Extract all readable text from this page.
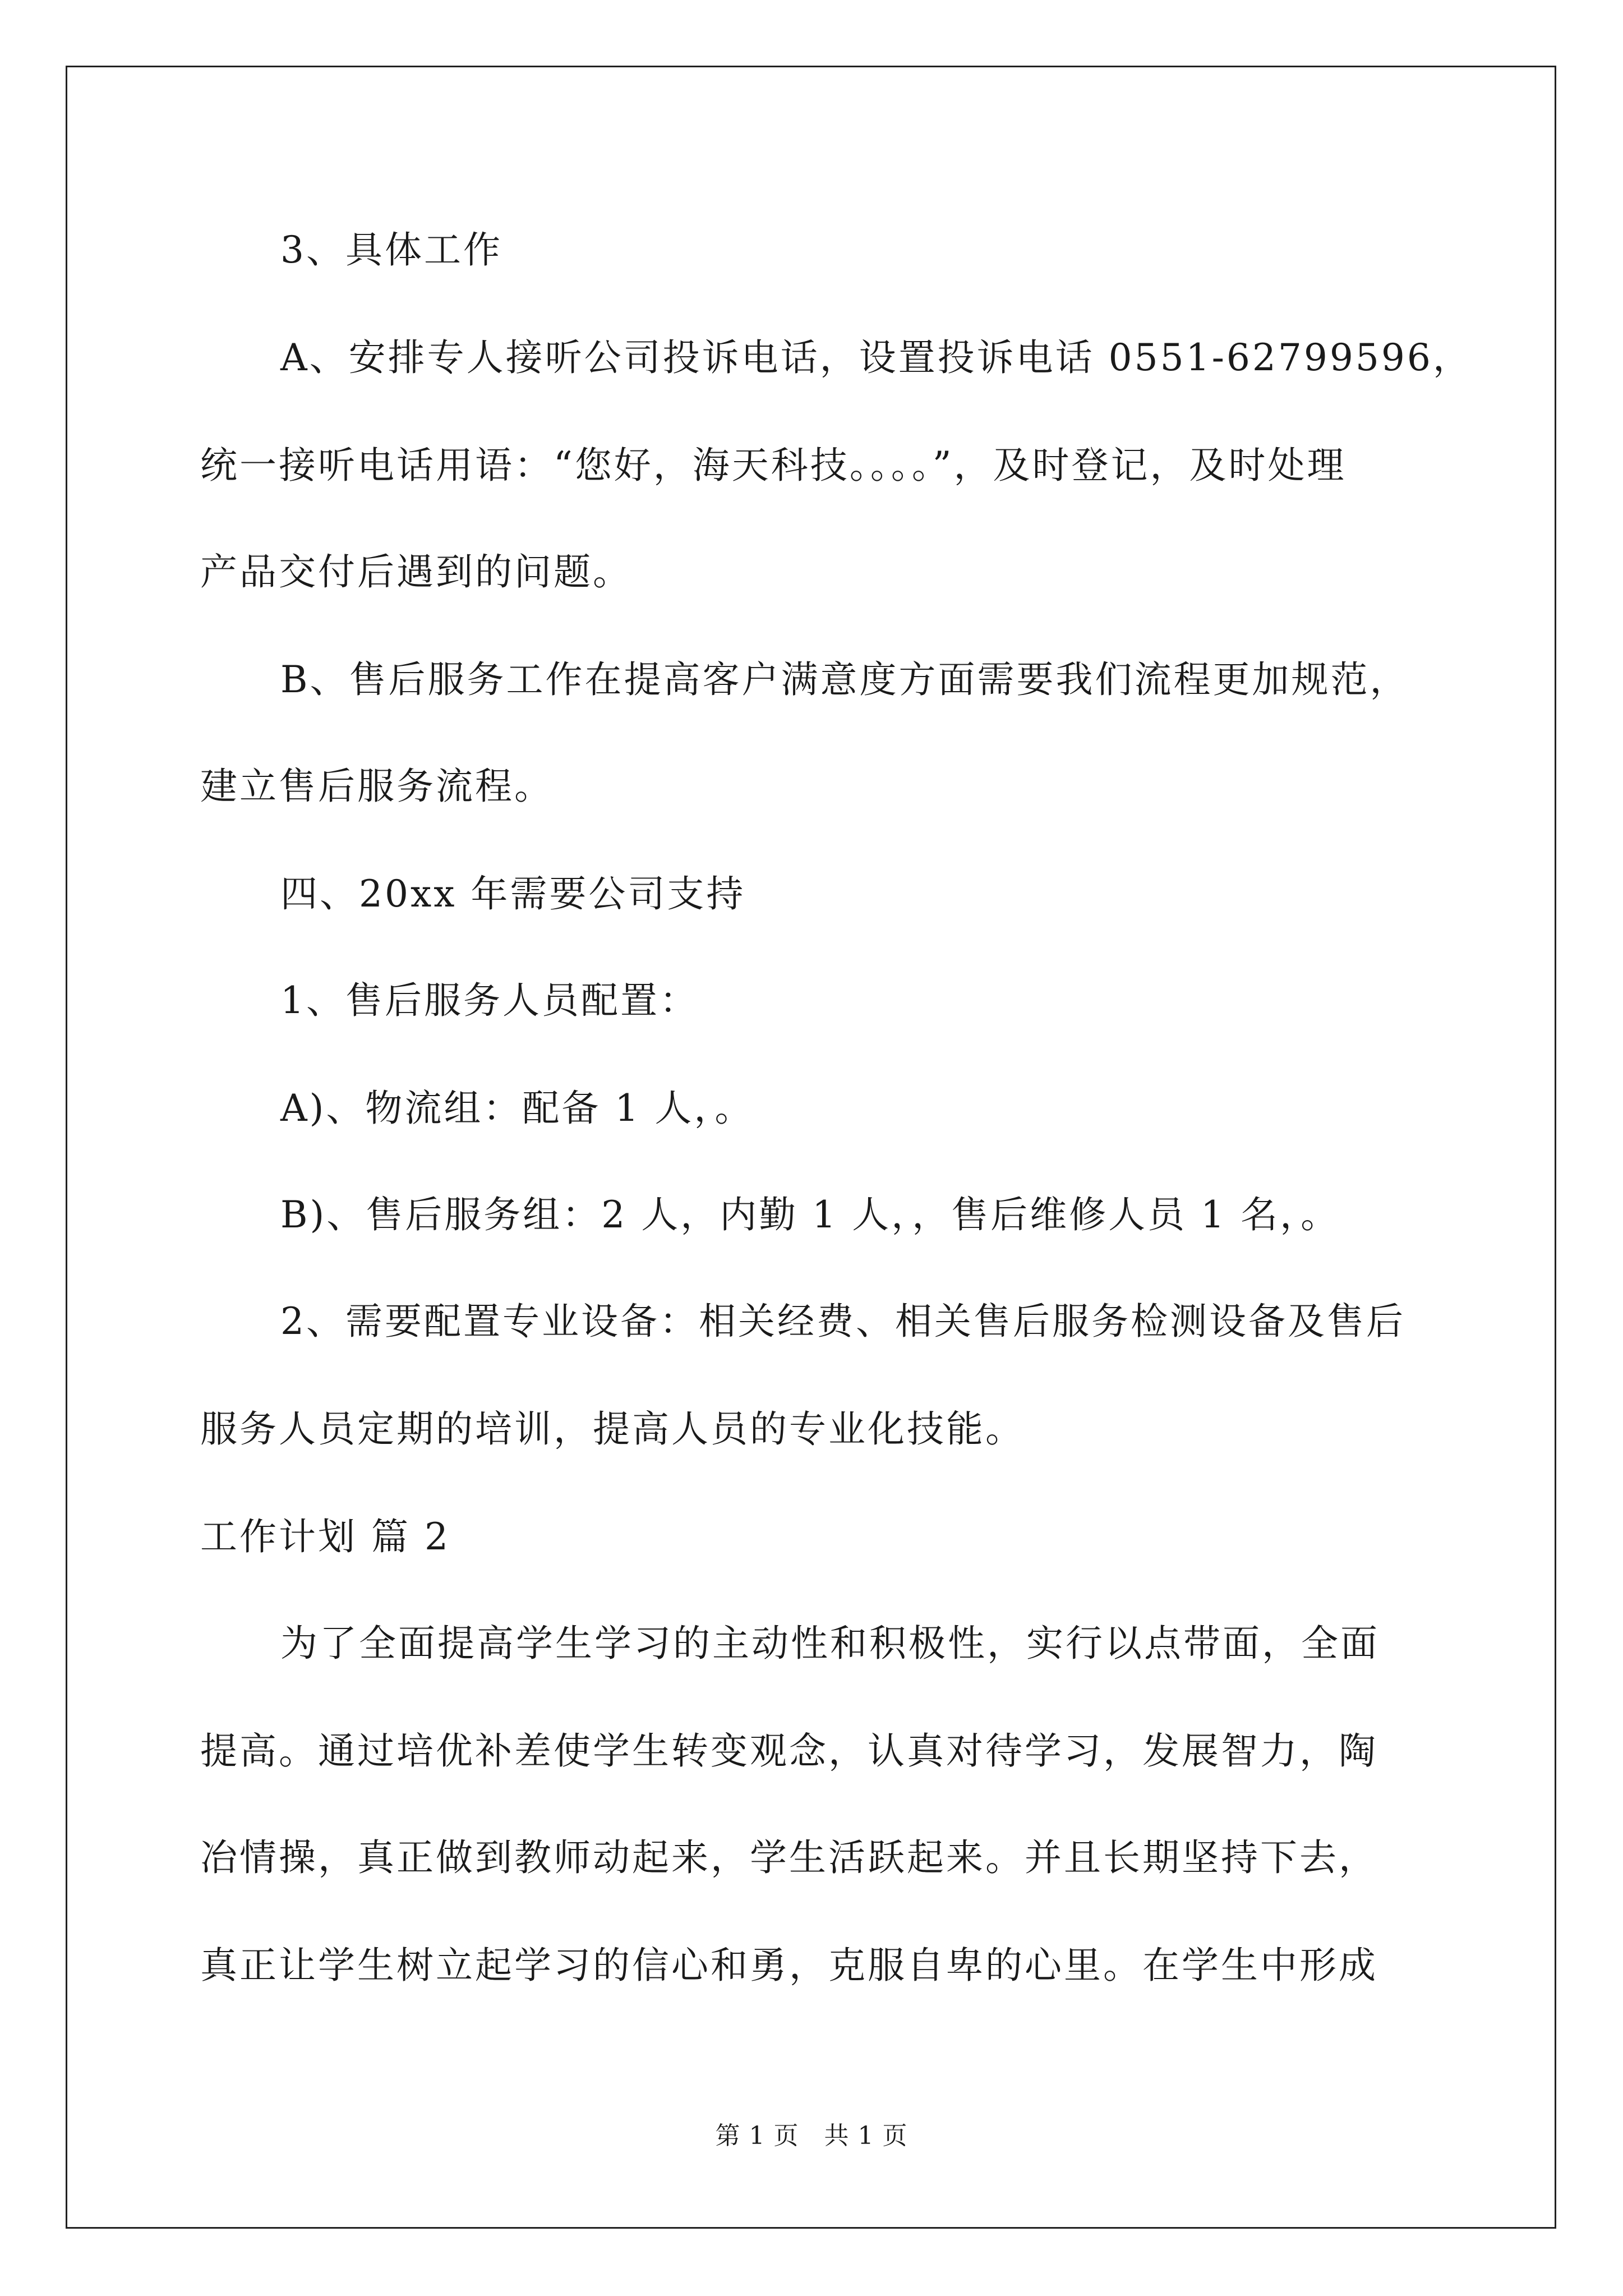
3、具体工作
A、安排专人接听公司投诉电话，设置投诉电话 0551-62799596，
统一接听电话用语：“您好，海天科技。。。。”，及时登记，及时处理
产品交付后遇到的问题。
B、售后服务工作在提高客户满意度方面需要我们流程更加规范，
建立售后服务流程。
四、20xx 年需要公司支持
1、售后服务人员配置：
A)、物流组：配备 1 人，。
B)、售后服务组：2 人，内勤 1 人，，售后维修人员 1 名，。
2、需要配置专业设备：相关经费、相关售后服务检测设备及售后
服务人员定期的培训，提高人员的专业化技能。
工作计划 篇 2
为了全面提高学生学习的主动性和积极性，实行以点带面，全面
提高。通过培优补差使学生转变观念，认真对待学习，发展智力，陶
冶情操，真正做到教师动起来，学生活跃起来。并且长期坚持下去，
真正让学生树立起学习的信心和勇，克服自卑的心里。在学生中形成
第 1 页　共 1 页
